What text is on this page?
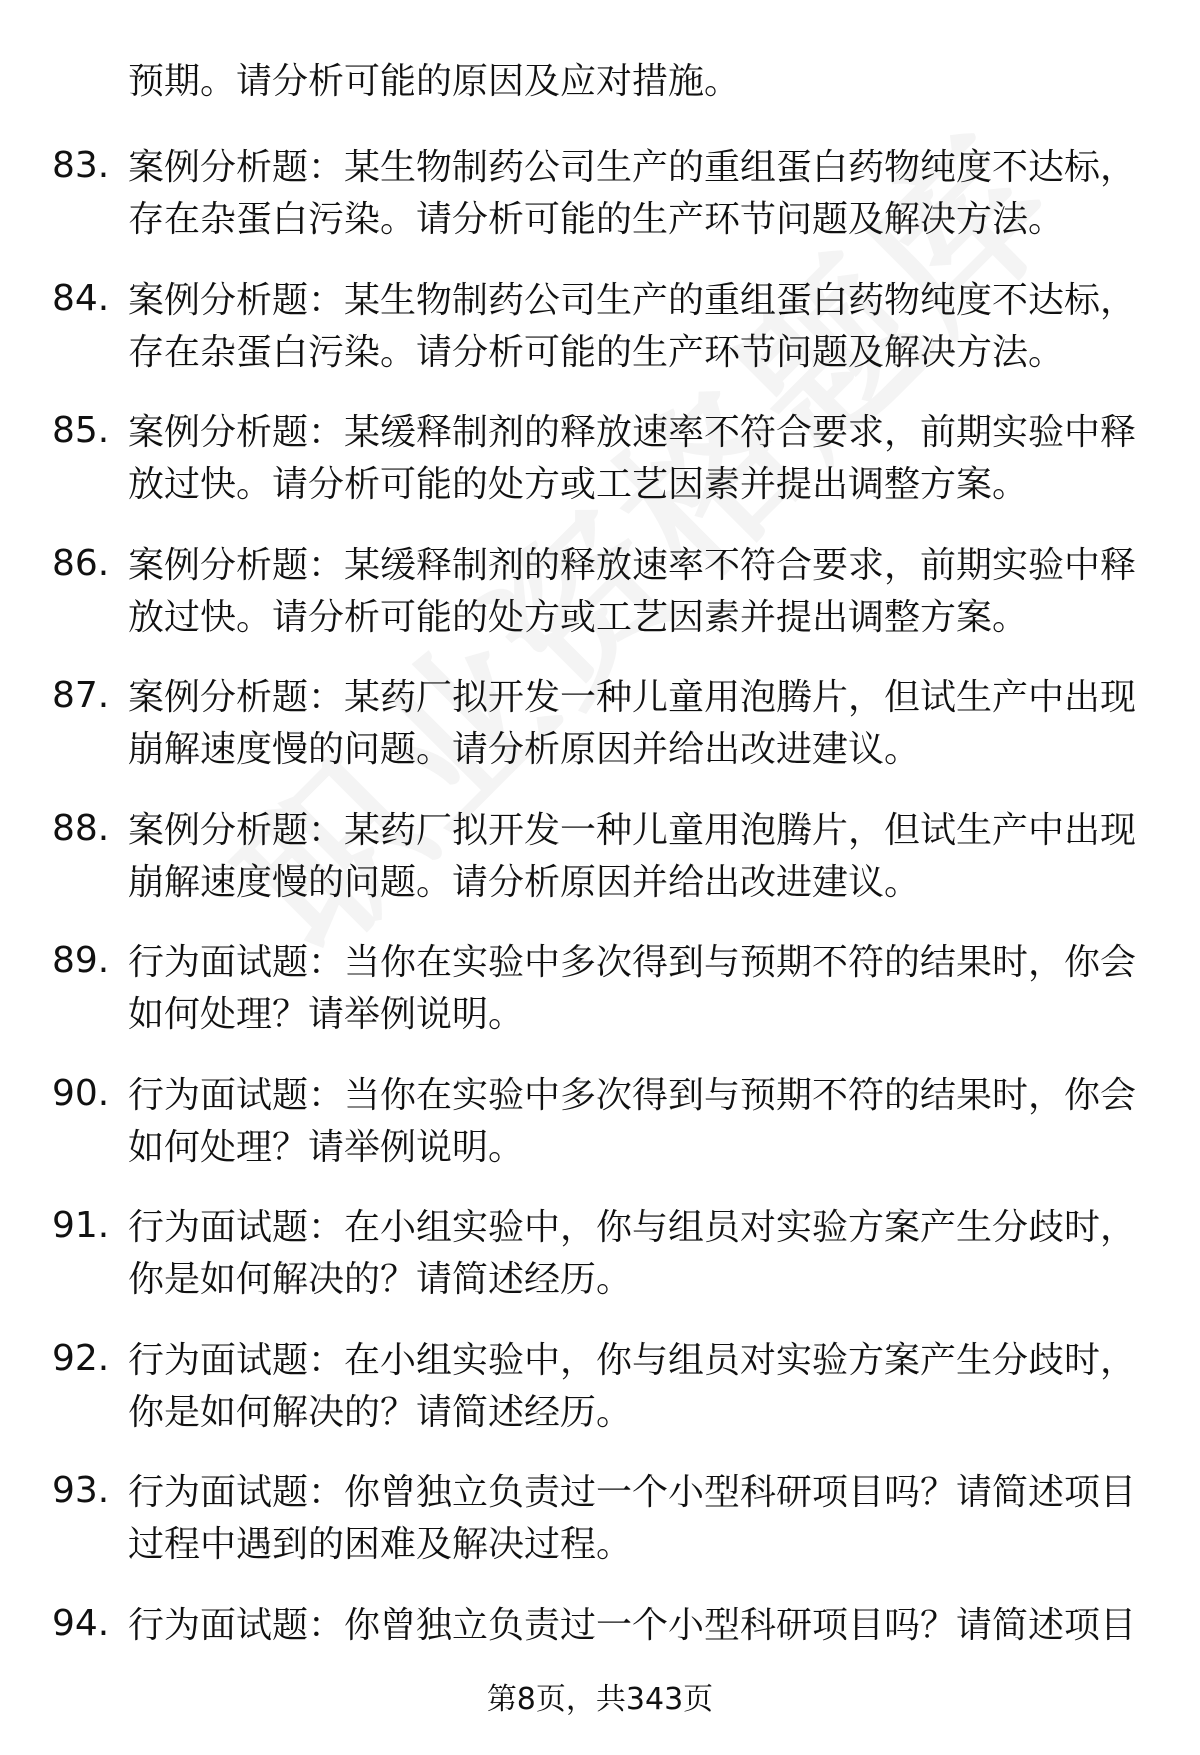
预期。请分析可能的原因及应对措施。

83. 案例分析题：某生物制药公司生产的重组蛋白药物纯度不达标，存在杂蛋白污染。请分析可能的生产环节问题及解决方法。
84. 案例分析题：某生物制药公司生产的重组蛋白药物纯度不达标，存在杂蛋白污染。请分析可能的生产环节问题及解决方法。
85. 案例分析题：某缓释制剂的释放速率不符合要求，前期实验中释放过快。请分析可能的处方或工艺因素并提出调整方案。
86. 案例分析题：某缓释制剂的释放速率不符合要求，前期实验中释放过快。请分析可能的处方或工艺因素并提出调整方案。
87. 案例分析题：某药厂拟开发一种儿童用泡腾片，但试生产中出现崩解速度慢的问题。请分析原因并给出改进建议。
88. 案例分析题：某药厂拟开发一种儿童用泡腾片，但试生产中出现崩解速度慢的问题。请分析原因并给出改进建议。
89. 行为面试题：当你在实验中多次得到与预期不符的结果时，你会如何处理？请举例说明。
90. 行为面试题：当你在实验中多次得到与预期不符的结果时，你会如何处理？请举例说明。
91. 行为面试题：在小组实验中，你与组员对实验方案产生分歧时，你是如何解决的？请简述经历。
92. 行为面试题：在小组实验中，你与组员对实验方案产生分歧时，你是如何解决的？请简述经历。
93. 行为面试题：你曾独立负责过一个小型科研项目吗？请简述项目过程中遇到的困难及解决过程。
94. 行为面试题：你曾独立负责过一个小型科研项目吗？请简述项目
第8页，共343页
